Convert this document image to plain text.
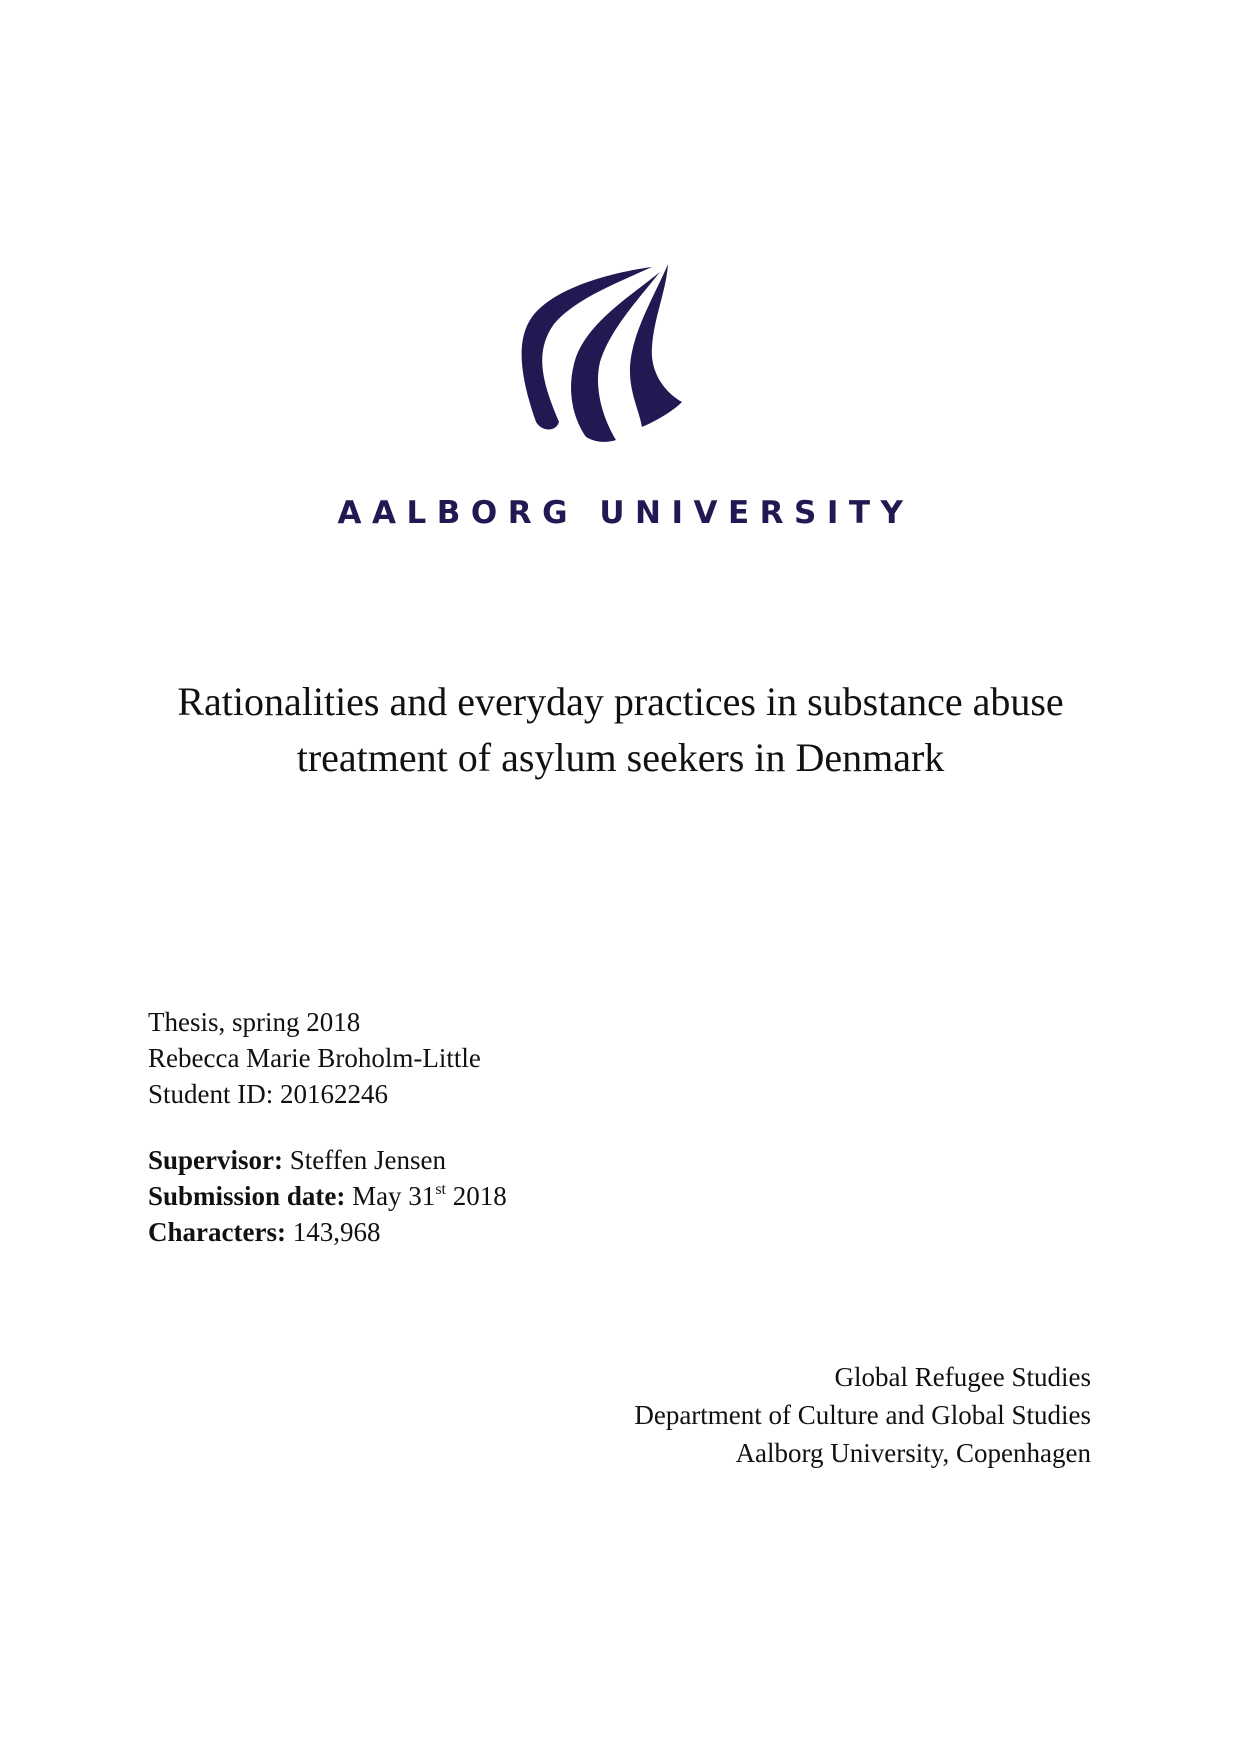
AALBORG UNIVERSITY
Rationalities and everyday practices in substance abuse
treatment of asylum seekers in Denmark
Thesis, spring 2018
Rebecca Marie Broholm-Little
Student ID: 20162246
Supervisor: Steffen Jensen
Submission date: May 31st 2018
Characters: 143,968
Global Refugee Studies
Department of Culture and Global Studies
Aalborg University, Copenhagen
